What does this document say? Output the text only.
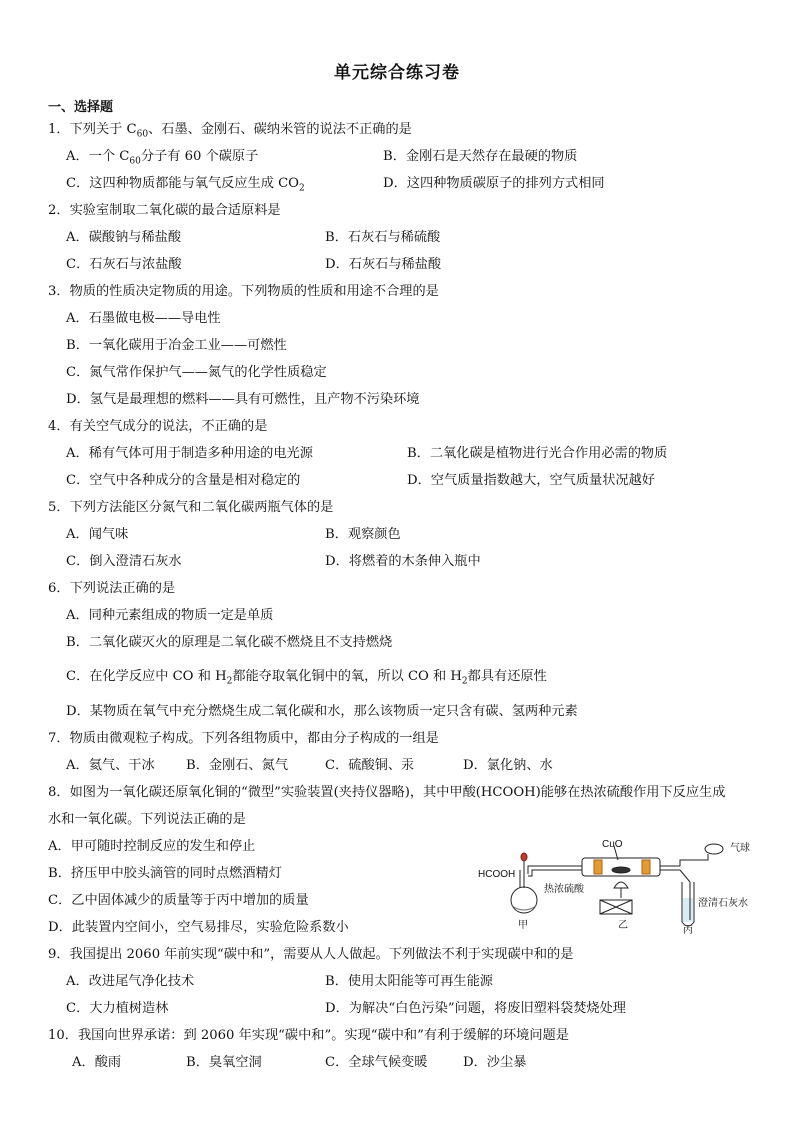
单元综合练习卷
一、选择题
1．下列关于 $C_{60}$、石墨、金刚石、碳纳米管的说法不正确的是
A．一个 $C_{60}$分子有 60 个碳原子	B．金刚石是天然存在最硬的物质
C．这四种物质都能与氧气反应生成 $CO_2$	D．这四种物质碳原子的排列方式相同
2．实验室制取二氧化碳的最合适原料是
A．碳酸钠与稀盐酸	B．石灰石与稀硫酸
C．石灰石与浓盐酸	D．石灰石与稀盐酸
3．物质的性质决定物质的用途。下列物质的性质和用途不合理的是
A．石墨做电极——导电性
B．一氧化碳用于冶金工业——可燃性
C．氮气常作保护气——氮气的化学性质稳定
D．氢气是最理想的燃料——具有可燃性，且产物不污染环境
4．有关空气成分的说法，不正确的是
A．稀有气体可用于制造多种用途的电光源	B．二氧化碳是植物进行光合作用必需的物质
C．空气中各种成分的含量是相对稳定的	D．空气质量指数越大，空气质量状况越好
5．下列方法能区分氮气和二氧化碳两瓶气体的是
A．闻气味	B．观察颜色
C．倒入澄清石灰水	D．将燃着的木条伸入瓶中
6．下列说法正确的是
A．同种元素组成的物质一定是单质
B．二氧化碳灭火的原理是二氧化碳不燃烧且不支持燃烧
C．在化学反应中 CO 和 $H_2$都能夺取氧化铜中的氧，所以 CO 和 $H_2$都具有还原性
D．某物质在氧气中充分燃烧生成二氧化碳和水，那么该物质一定只含有碳、氢两种元素
7．物质由微观粒子构成。下列各组物质中，都由分子构成的一组是
A．氦气、干冰 B．金刚石、氮气	C．硫酸铜、汞	D．氯化钠、水
8．如图为一氧化碳还原氧化铜的“微型”实验装置(夹持仪器略)，其中甲酸(HCOOH)能够在热浓硫酸作用下反应生成
水和一氧化碳。下列说法正确的是
A．甲可随时控制反应的发生和停止
B．挤压甲中胶头滴管的同时点燃酒精灯
C．乙中固体减少的质量等于丙中增加的质量
D．此装置内空间小，空气易排尽，实验危险系数小
HCOOH
CuO	气球
热浓硫酸
澄清石灰水
甲	乙	丙
9．我国提出 2060 年前实现“碳中和”，需要从人人做起。下列做法不利于实现碳中和的是
A．改进尾气净化技术	B．使用太阳能等可再生能源
C．大力植树造林	D．为解决“白色污染”问题，将废旧塑料袋焚烧处理
10．我国向世界承诺：到 2060 年实现“碳中和”。实现“碳中和”有利于缓解的环境问题是
A．酸雨	B．臭氧空洞	C．全球气候变暖	D．沙尘暴
